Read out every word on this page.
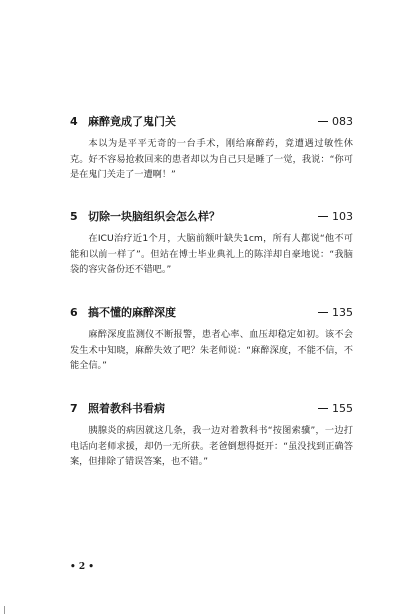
4 麻醉竟成了鬼门关	083

本以为是平平无奇的一台手术，刚给麻醉药，竟遭遇过敏性休克。好不容易抢救回来的患者却以为自己只是睡了一觉，我说：“你可是在鬼门关走了一遭啊！”

5 切除一块脑组织会怎么样？	103

在ICU治疗近1个月，大脑前额叶缺失1cm，所有人都说“他不可能和以前一样了”。但站在博士毕业典礼上的陈洋却自豪地说：“我脑袋的容灾备份还不错吧。”

6 搞不懂的麻醉深度	135

麻醉深度监测仪不断报警，患者心率、血压却稳定如初。该不会发生术中知晓，麻醉失效了吧？朱老师说：“麻醉深度，不能不信，不能全信。”

7 照着教科书看病	155

胰腺炎的病因就这几条，我一边对着教科书“按图索骥”，一边打电话向老师求援，却仍一无所获。老爸倒想得挺开：“虽没找到正确答案，但排除了错误答案，也不错。”

• 2 •
